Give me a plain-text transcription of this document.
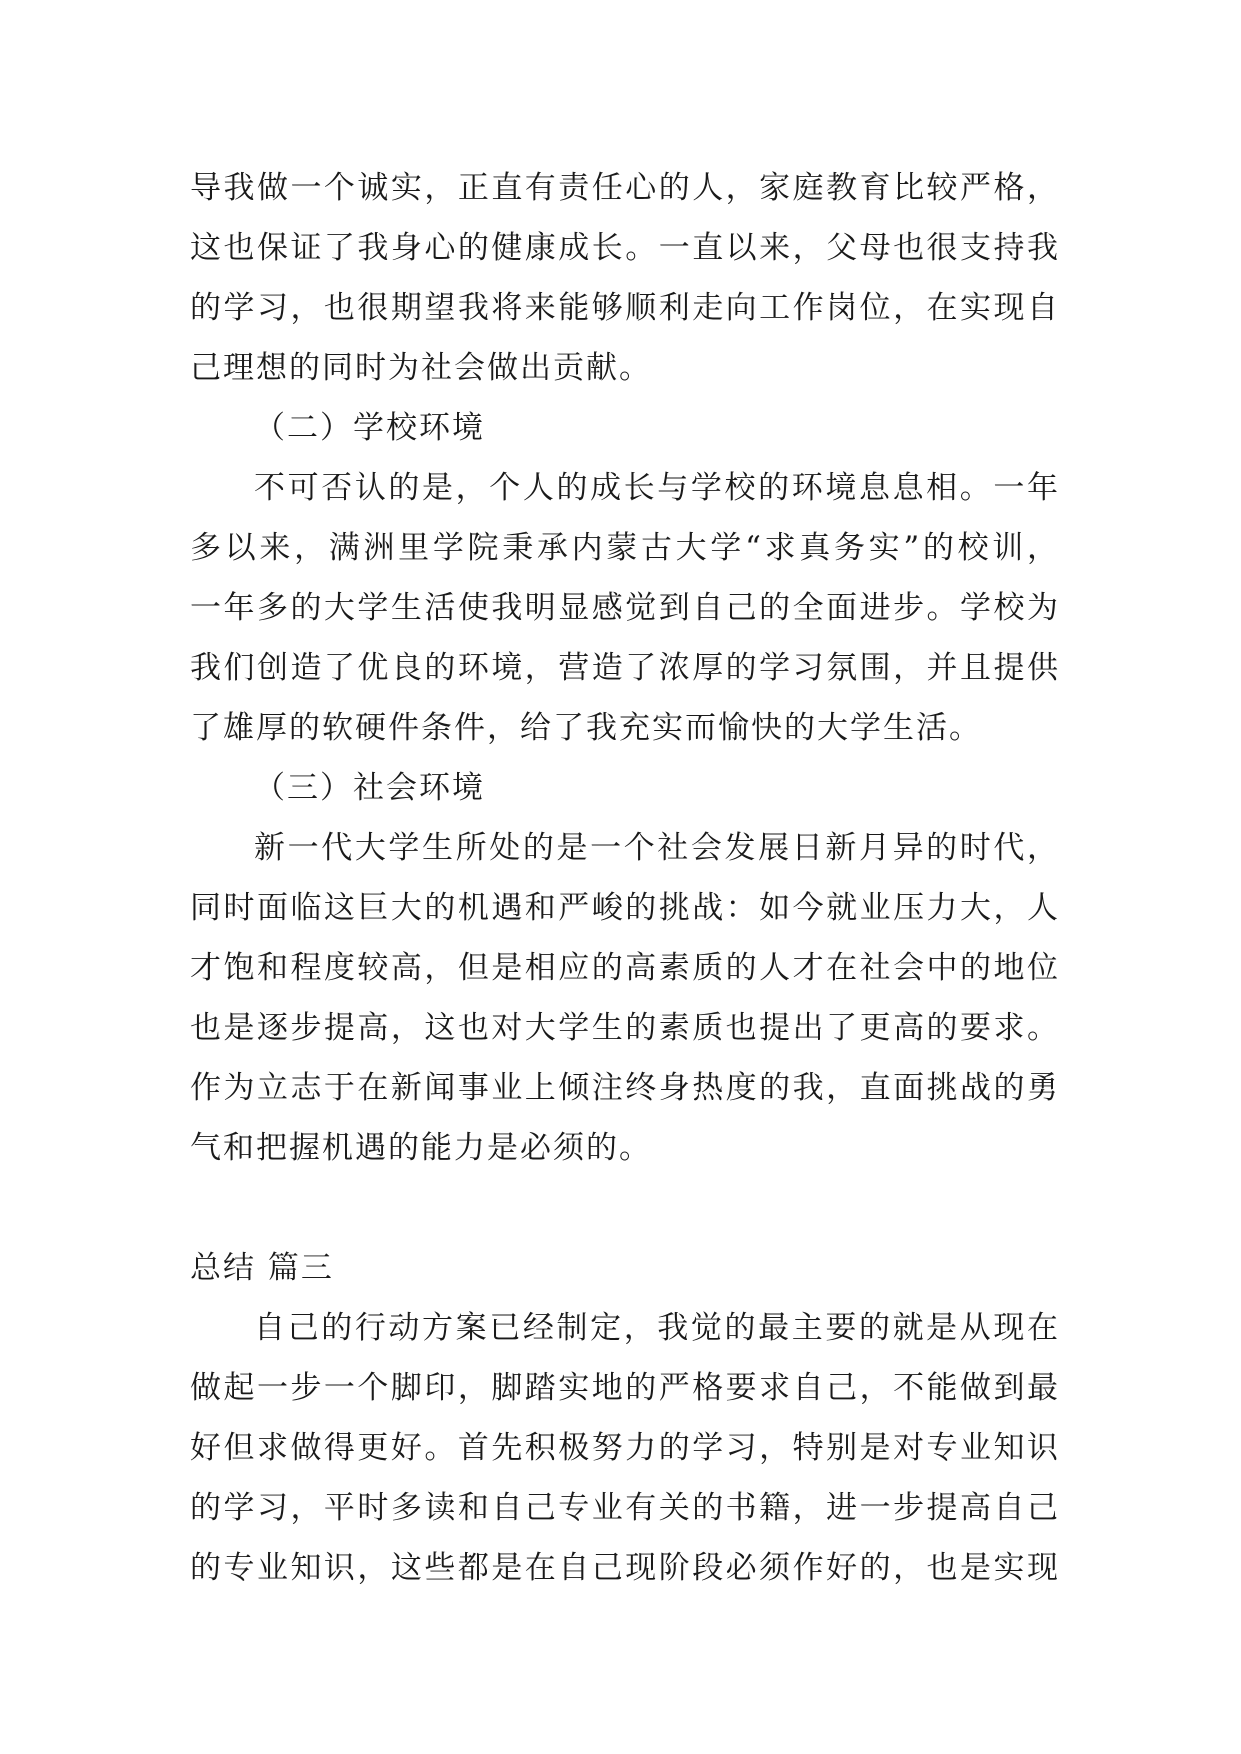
导我做一个诚实，正直有责任心的人，家庭教育比较严格，
这也保证了我身心的健康成长。一直以来，父母也很支持我
的学习，也很期望我将来能够顺利走向工作岗位，在实现自
己理想的同时为社会做出贡献。
（二）学校环境
不可否认的是，个人的成长与学校的环境息息相。一年
多以来，满洲里学院秉承内蒙古大学“求真务实”的校训，
一年多的大学生活使我明显感觉到自己的全面进步。学校为
我们创造了优良的环境，营造了浓厚的学习氛围，并且提供
了雄厚的软硬件条件，给了我充实而愉快的大学生活。
（三）社会环境
新一代大学生所处的是一个社会发展日新月异的时代，
同时面临这巨大的机遇和严峻的挑战：如今就业压力大，人
才饱和程度较高，但是相应的高素质的人才在社会中的地位
也是逐步提高，这也对大学生的素质也提出了更高的要求。
作为立志于在新闻事业上倾注终身热度的我，直面挑战的勇
气和把握机遇的能力是必须的。
总结 篇三
自己的行动方案已经制定，我觉的最主要的就是从现在
做起一步一个脚印，脚踏实地的严格要求自己，不能做到最
好但求做得更好。首先积极努力的学习，特别是对专业知识
的学习，平时多读和自己专业有关的书籍，进一步提高自己
的专业知识，这些都是在自己现阶段必须作好的，也是实现
